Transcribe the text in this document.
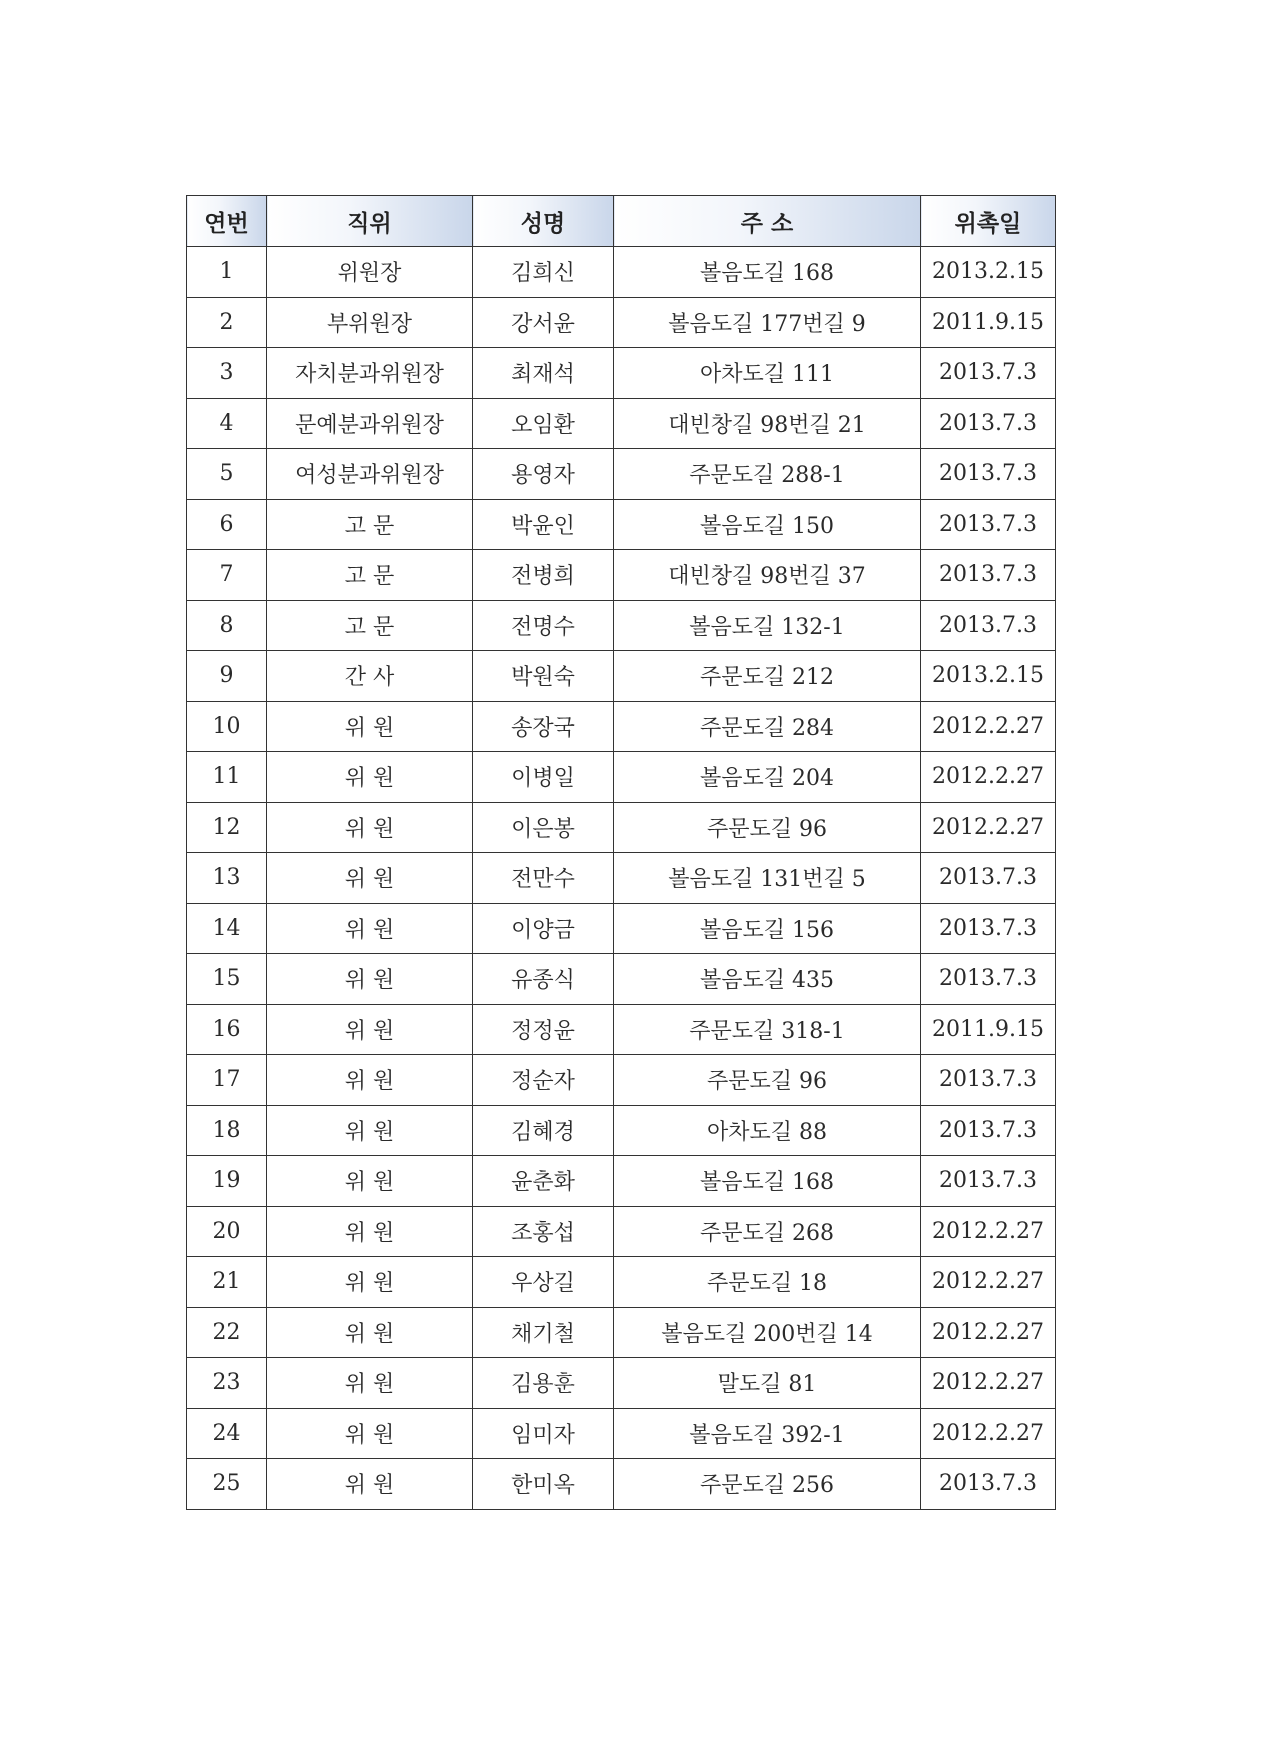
연번	직위	성명	주 소	위촉일
1	위원장	김희신	볼음도길 168	2013.2.15
2	부위원장	강서윤	볼음도길 177번길 9	2011.9.15
3	자치분과위원장	최재석	아차도길 111	2013.7.3
4	문예분과위원장	오임환	대빈창길 98번길 21	2013.7.3
5	여성분과위원장	용영자	주문도길 288-1	2013.7.3
6	고 문	박윤인	볼음도길 150	2013.7.3
7	고 문	전병희	대빈창길 98번길 37	2013.7.3
8	고 문	전명수	볼음도길 132-1	2013.7.3
9	간 사	박원숙	주문도길 212	2013.2.15
10	위 원	송장국	주문도길 284	2012.2.27
11	위 원	이병일	볼음도길 204	2012.2.27
12	위 원	이은봉	주문도길 96	2012.2.27
13	위 원	전만수	볼음도길 131번길 5	2013.7.3
14	위 원	이양금	볼음도길 156	2013.7.3
15	위 원	유종식	볼음도길 435	2013.7.3
16	위 원	정정윤	주문도길 318-1	2011.9.15
17	위 원	정순자	주문도길 96	2013.7.3
18	위 원	김혜경	아차도길 88	2013.7.3
19	위 원	윤춘화	볼음도길 168	2013.7.3
20	위 원	조홍섭	주문도길 268	2012.2.27
21	위 원	우상길	주문도길 18	2012.2.27
22	위 원	채기철	볼음도길 200번길 14	2012.2.27
23	위 원	김용훈	말도길 81	2012.2.27
24	위 원	임미자	볼음도길 392-1	2012.2.27
25	위 원	한미옥	주문도길 256	2013.7.3
